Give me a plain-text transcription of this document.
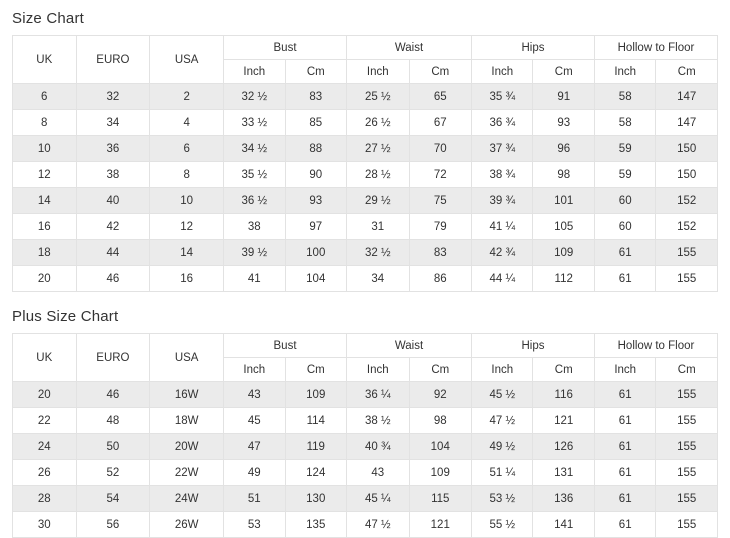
Size Chart
UK	EURO	USA	Bust		Waist		Hips		Hollow to Floor	
			Inch	Cm	Inch	Cm	Inch	Cm	Inch	Cm
6	32	2	32 ½	83	25 ½	65	35 ¾	91	58	147
8	34	4	33 ½	85	26 ½	67	36 ¾	93	58	147
10	36	6	34 ½	88	27 ½	70	37 ¾	96	59	150
12	38	8	35 ½	90	28 ½	72	38 ¾	98	59	150
14	40	10	36 ½	93	29 ½	75	39 ¾	101	60	152
16	42	12	38	97	31	79	41 ¼	105	60	152
18	44	14	39 ½	100	32 ½	83	42 ¾	109	61	155
20	46	16	41	104	34	86	44 ¼	112	61	155
Plus Size Chart
UK	EURO	USA	Bust		Waist		Hips		Hollow to Floor	
			Inch	Cm	Inch	Cm	Inch	Cm	Inch	Cm
20	46	16W	43	109	36 ¼	92	45 ½	116	61	155
22	48	18W	45	114	38 ½	98	47 ½	121	61	155
24	50	20W	47	119	40 ¾	104	49 ½	126	61	155
26	52	22W	49	124	43	109	51 ¼	131	61	155
28	54	24W	51	130	45 ¼	115	53 ½	136	61	155
30	56	26W	53	135	47 ½	121	55 ½	141	61	155
